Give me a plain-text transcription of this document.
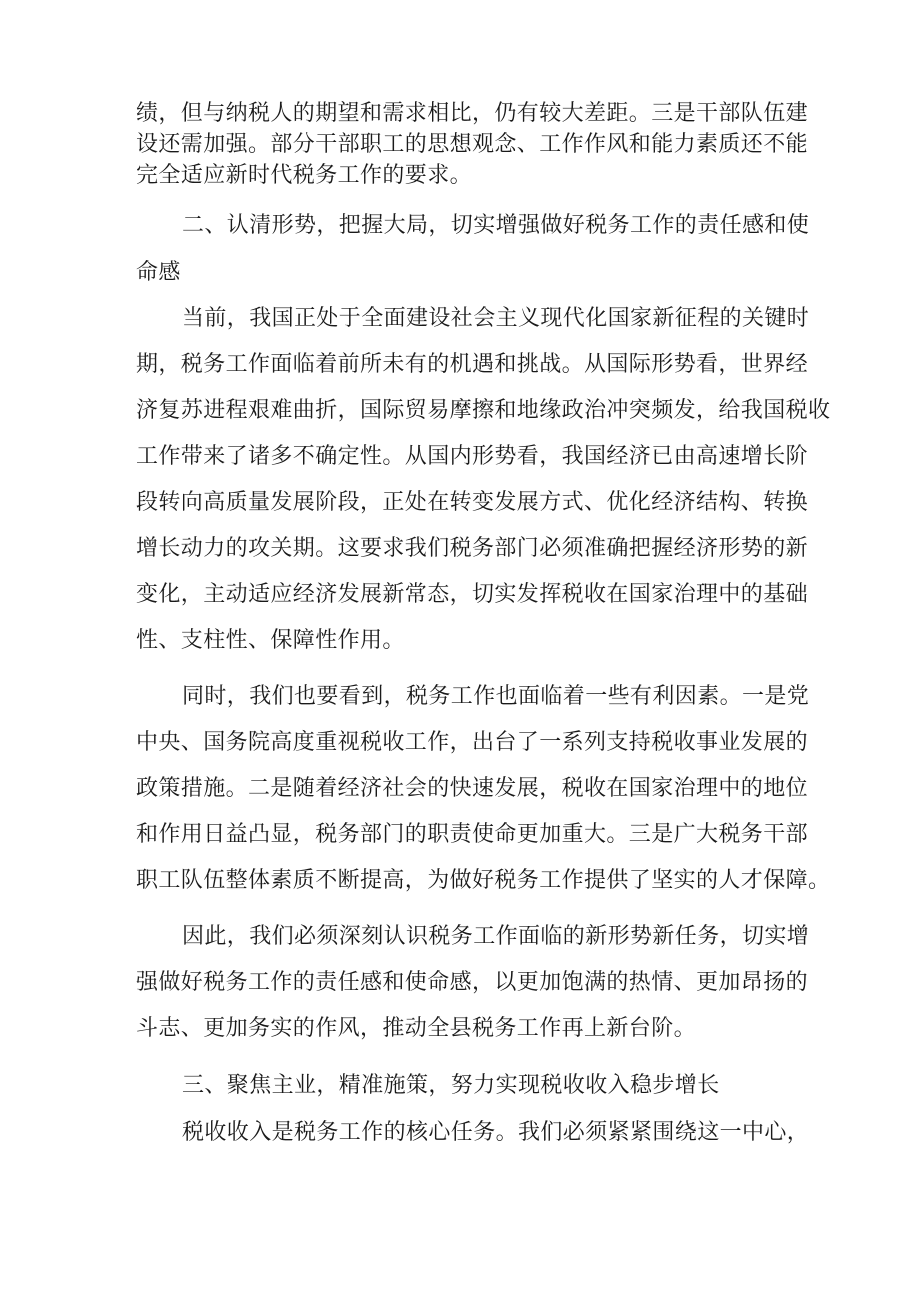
绩，但与纳税人的期望和需求相比，仍有较大差距。三是干部队伍建
设还需加强。部分干部职工的思想观念、工作作风和能力素质还不能
完全适应新时代税务工作的要求。
二、认清形势，把握大局，切实增强做好税务工作的责任感和使
命感
当前，我国正处于全面建设社会主义现代化国家新征程的关键时
期，税务工作面临着前所未有的机遇和挑战。从国际形势看，世界经
济复苏进程艰难曲折，国际贸易摩擦和地缘政治冲突频发，给我国税收
工作带来了诸多不确定性。从国内形势看，我国经济已由高速增长阶
段转向高质量发展阶段，正处在转变发展方式、优化经济结构、转换
增长动力的攻关期。这要求我们税务部门必须准确把握经济形势的新
变化，主动适应经济发展新常态，切实发挥税收在国家治理中的基础
性、支柱性、保障性作用。
同时，我们也要看到，税务工作也面临着一些有利因素。一是党
中央、国务院高度重视税收工作，出台了一系列支持税收事业发展的
政策措施。二是随着经济社会的快速发展，税收在国家治理中的地位
和作用日益凸显，税务部门的职责使命更加重大。三是广大税务干部
职工队伍整体素质不断提高，为做好税务工作提供了坚实的人才保障。
因此，我们必须深刻认识税务工作面临的新形势新任务，切实增
强做好税务工作的责任感和使命感，以更加饱满的热情、更加昂扬的
斗志、更加务实的作风，推动全县税务工作再上新台阶。
三、聚焦主业，精准施策，努力实现税收收入稳步增长
税收收入是税务工作的核心任务。我们必须紧紧围绕这一中心，
